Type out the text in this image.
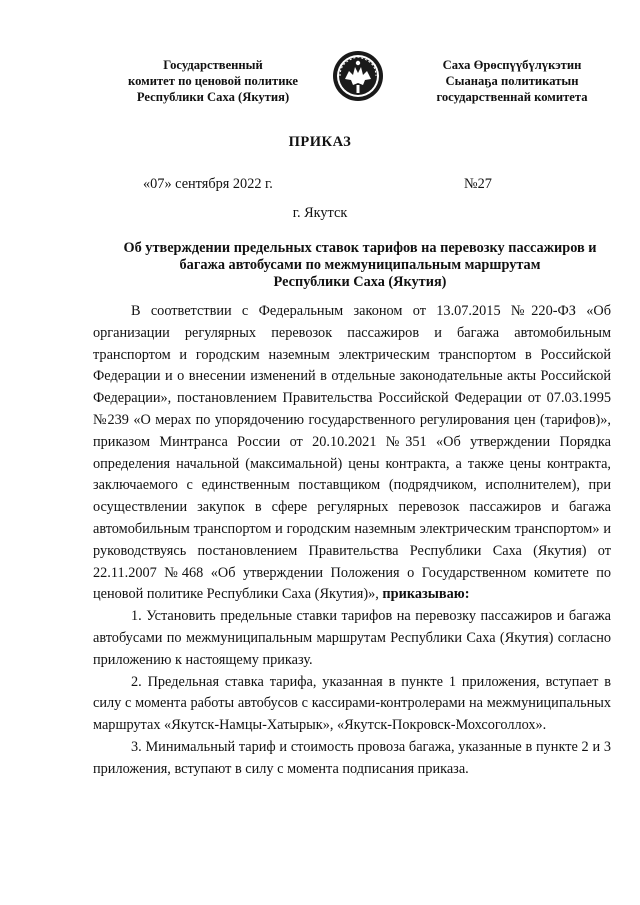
Государственный
комитет по ценовой политике
Республики Саха (Якутия)
Саха Өрөспүүбүлүкэтин
Сыанаҕа политикатын
государственнай комитета
ПРИКАЗ
«07» сентября 2022 г.	№27
г. Якутск
Об утверждении предельных ставок тарифов на перевозку пассажиров и
багажа автобусами по межмуниципальным маршрутам
Республики Саха (Якутия)

В соответствии с Федеральным законом от 13.07.2015 №220-ФЗ «Об организации регулярных перевозок пассажиров и багажа автомобильным транспортом и городским наземным электрическим транспортом в Российской Федерации и о внесении изменений в отдельные законодательные акты Российской Федерации», постановлением Правительства Российской Федерации от 07.03.1995 №239 «О мерах по упорядочению государственного регулирования цен (тарифов)», приказом Минтранса России от 20.10.2021 №351 «Об утверждении Порядка определения начальной (максимальной) цены контракта, а также цены контракта, заключаемого с единственным поставщиком (подрядчиком, исполнителем), при осуществлении закупок в сфере регулярных перевозок пассажиров и багажа автомобильным транспортом и городским наземным электрическим транспортом» и руководствуясь постановлением Правительства Республики Саха (Якутия) от 22.11.2007 №468 «Об утверждении Положения о Государственном комитете по ценовой политике Республики Саха (Якутия)», приказываю:

1. Установить предельные ставки тарифов на перевозку пассажиров и багажа автобусами по межмуниципальным маршрутам Республики Саха (Якутия) согласно приложению к настоящему приказу.

2. Предельная ставка тарифа, указанная в пункте 1 приложения, вступает в силу с момента работы автобусов с кассирами-контролерами на межмуниципальных маршрутах «Якутск-Намцы-Хатырык», «Якутск-Покровск-Мохсоголлох».

3. Минимальный тариф и стоимость провоза багажа, указанные в пункте 2 и 3 приложения, вступают в силу с момента подписания приказа.
